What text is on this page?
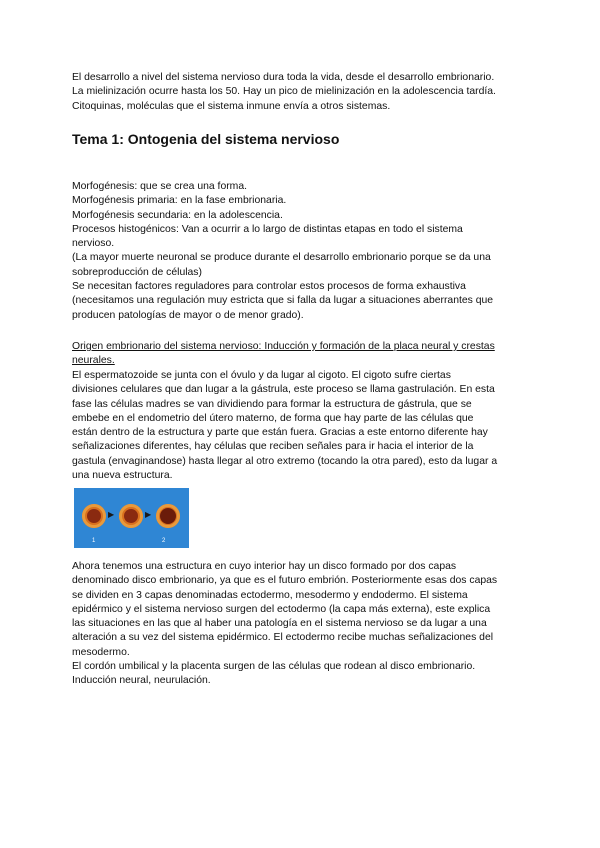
El desarrollo a nivel del sistema nervioso dura toda la vida, desde el desarrollo embrionario.

La mielinización ocurre hasta los 50. Hay un pico de mielinización en la adolescencia tardía.

Citoquinas, moléculas que el sistema inmune envía a otros sistemas.

Tema 1: Ontogenia del sistema nervioso

Morfogénesis: que se crea una forma.

Morfogénesis primaria: en la fase embrionaria.

Morfogénesis secundaria: en la adolescencia.

Procesos histogénicos: Van a ocurrir a lo largo de distintas etapas en todo el sistema

nervioso.

(La mayor muerte neuronal se produce durante el desarrollo embrionario porque se da una

sobreproducción de células)

Se necesitan factores reguladores para controlar estos procesos de forma exhaustiva

(necesitamos una regulación muy estricta que si falla da lugar a situaciones aberrantes que

producen patologías de mayor o de menor grado).

Origen embrionario del sistema nervioso: Inducción y formación de la placa neural y crestas neurales.

El espermatozoide se junta con el óvulo y da lugar al cigoto. El cigoto sufre ciertas

divisiones celulares que dan lugar a la gástrula, este proceso se llama gastrulación. En esta

fase las células madres se van dividiendo para formar la estructura de gástrula, que se

embebe en el endometrio del útero materno, de forma que hay parte de las células que

están dentro de la estructura y parte que están fuera. Gracias a este entorno diferente hay

señalizaciones diferentes, hay células que reciben señales para ir hacia el interior de la

gastula (envaginandose) hasta llegar al otro extremo (tocando la otra pared), esto da lugar a

una nueva estructura.

▶	▶
1	2

Ahora tenemos una estructura en cuyo interior hay un disco formado por dos capas

denominado disco embrionario, ya que es el futuro embrión. Posteriormente esas dos capas

se dividen en 3 capas denominadas ectodermo, mesodermo y endodermo. El sistema

epidérmico y el sistema nervioso surgen del ectodermo (la capa más externa), este explica

las situaciones en las que al haber una patología en el sistema nervioso se da lugar a una

alteración a su vez del sistema epidérmico. El ectodermo recibe muchas señalizaciones del

mesodermo.

El cordón umbilical y la placenta surgen de las células que rodean al disco embrionario.

Inducción neural, neurulación.
